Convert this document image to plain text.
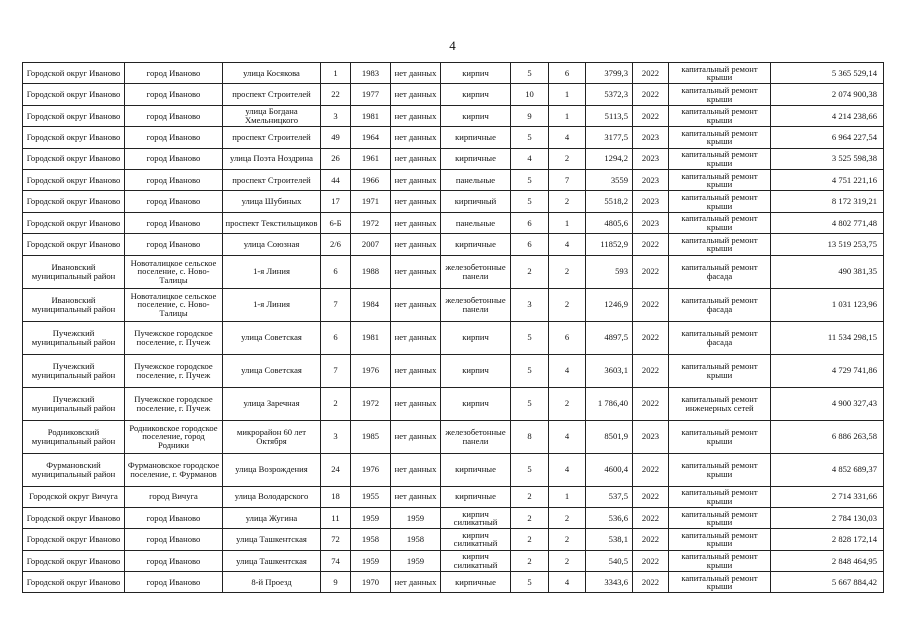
4
Городской округ Иваново	город Иваново	улица Косякова	1	1983	нет данных	кирпич	5	6	3799,3	2022	капитальный ремонт крыши	5 365 529,14
Городской округ Иваново	город Иваново	проспект Строителей	22	1977	нет данных	кирпич	10	1	5372,3	2022	капитальный ремонт крыши	2 074 900,38
Городской округ Иваново	город Иваново	улица Богдана Хмельницкого	3	1981	нет данных	кирпич	9	1	5113,5	2022	капитальный ремонт крыши	4 214 238,66
Городской округ Иваново	город Иваново	проспект Строителей	49	1964	нет данных	кирпичные	5	4	3177,5	2023	капитальный ремонт крыши	6 964 227,54
Городской округ Иваново	город Иваново	улица Поэта Ноздрина	26	1961	нет данных	кирпичные	4	2	1294,2	2023	капитальный ремонт крыши	3 525 598,38
Городской округ Иваново	город Иваново	проспект Строителей	44	1966	нет данных	панельные	5	7	3559	2023	капитальный ремонт крыши	4 751 221,16
Городской округ Иваново	город Иваново	улица Шубиных	17	1971	нет данных	кирпичный	5	2	5518,2	2023	капитальный ремонт крыши	8 172 319,21
Городской округ Иваново	город Иваново	проспект Текстильщиков	6-Б	1972	нет данных	панельные	6	1	4805,6	2023	капитальный ремонт крыши	4 802 771,48
Городской округ Иваново	город Иваново	улица Союзная	2/6	2007	нет данных	кирпичные	6	4	11852,9	2022	капитальный ремонт крыши	13 519 253,75
Ивановский муниципальный район	Новоталицкое сельское поселение, с. Ново-Талицы	1-я Линия	6	1988	нет данных	железобетонные панели	2	2	593	2022	капитальный ремонт фасада	490 381,35
Ивановский муниципальный район	Новоталицкое сельское поселение, с. Ново-Талицы	1-я Линия	7	1984	нет данных	железобетонные панели	3	2	1246,9	2022	капитальный ремонт фасада	1 031 123,96
Пучежский муниципальный район	Пучежское городское поселение, г. Пучеж	улица Советская	6	1981	нет данных	кирпич	5	6	4897,5	2022	капитальный ремонт фасада	11 534 298,15
Пучежский муниципальный район	Пучежское городское поселение, г. Пучеж	улица Советская	7	1976	нет данных	кирпич	5	4	3603,1	2022	капитальный ремонт крыши	4 729 741,86
Пучежский муниципальный район	Пучежское городское поселение, г. Пучеж	улица Заречная	2	1972	нет данных	кирпич	5	2	1 786,40	2022	капитальный ремонт инженерных сетей	4 900 327,43
Родниковский муниципальный район	Родниковское городское поселение, город Родники	микрорайон 60 лет Октября	3	1985	нет данных	железобетонные панели	8	4	8501,9	2023	капитальный ремонт крыши	6 886 263,58
Фурмановский муниципальный район	Фурмановское городское поселение, г. Фурманов	улица Возрождения	24	1976	нет данных	кирпичные	5	4	4600,4	2022	капитальный ремонт крыши	4 852 689,37
Городской округ Вичуга	город Вичуга	улица Володарского	18	1955	нет данных	кирпичные	2	1	537,5	2022	капитальный ремонт крыши	2 714 331,66
Городской округ Иваново	город Иваново	улица Жугина	11	1959	1959	кирпич силикатный	2	2	536,6	2022	капитальный ремонт крыши	2 784 130,03
Городской округ Иваново	город Иваново	улица Ташкентская	72	1958	1958	кирпич силикатный	2	2	538,1	2022	капитальный ремонт крыши	2 828 172,14
Городской округ Иваново	город Иваново	улица Ташкентская	74	1959	1959	кирпич силикатный	2	2	540,5	2022	капитальный ремонт крыши	2 848 464,95
Городской округ Иваново	город Иваново	8-й Проезд	9	1970	нет данных	кирпичные	5	4	3343,6	2022	капитальный ремонт крыши	5 667 884,42
